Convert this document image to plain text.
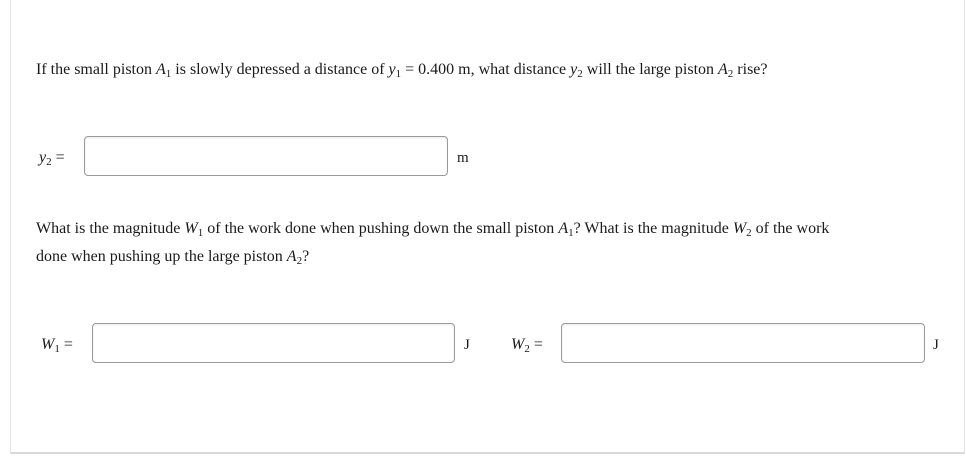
If the small piston A1 is slowly depressed a distance of y1 = 0.400 m, what distance y2 will the large piston A2 rise?
y2 =	m
What is the magnitude W1 of the work done when pushing down the small piston A1? What is the magnitude W2 of the work
done when pushing up the large piston A2?
W1 =	J	W2 =	J
